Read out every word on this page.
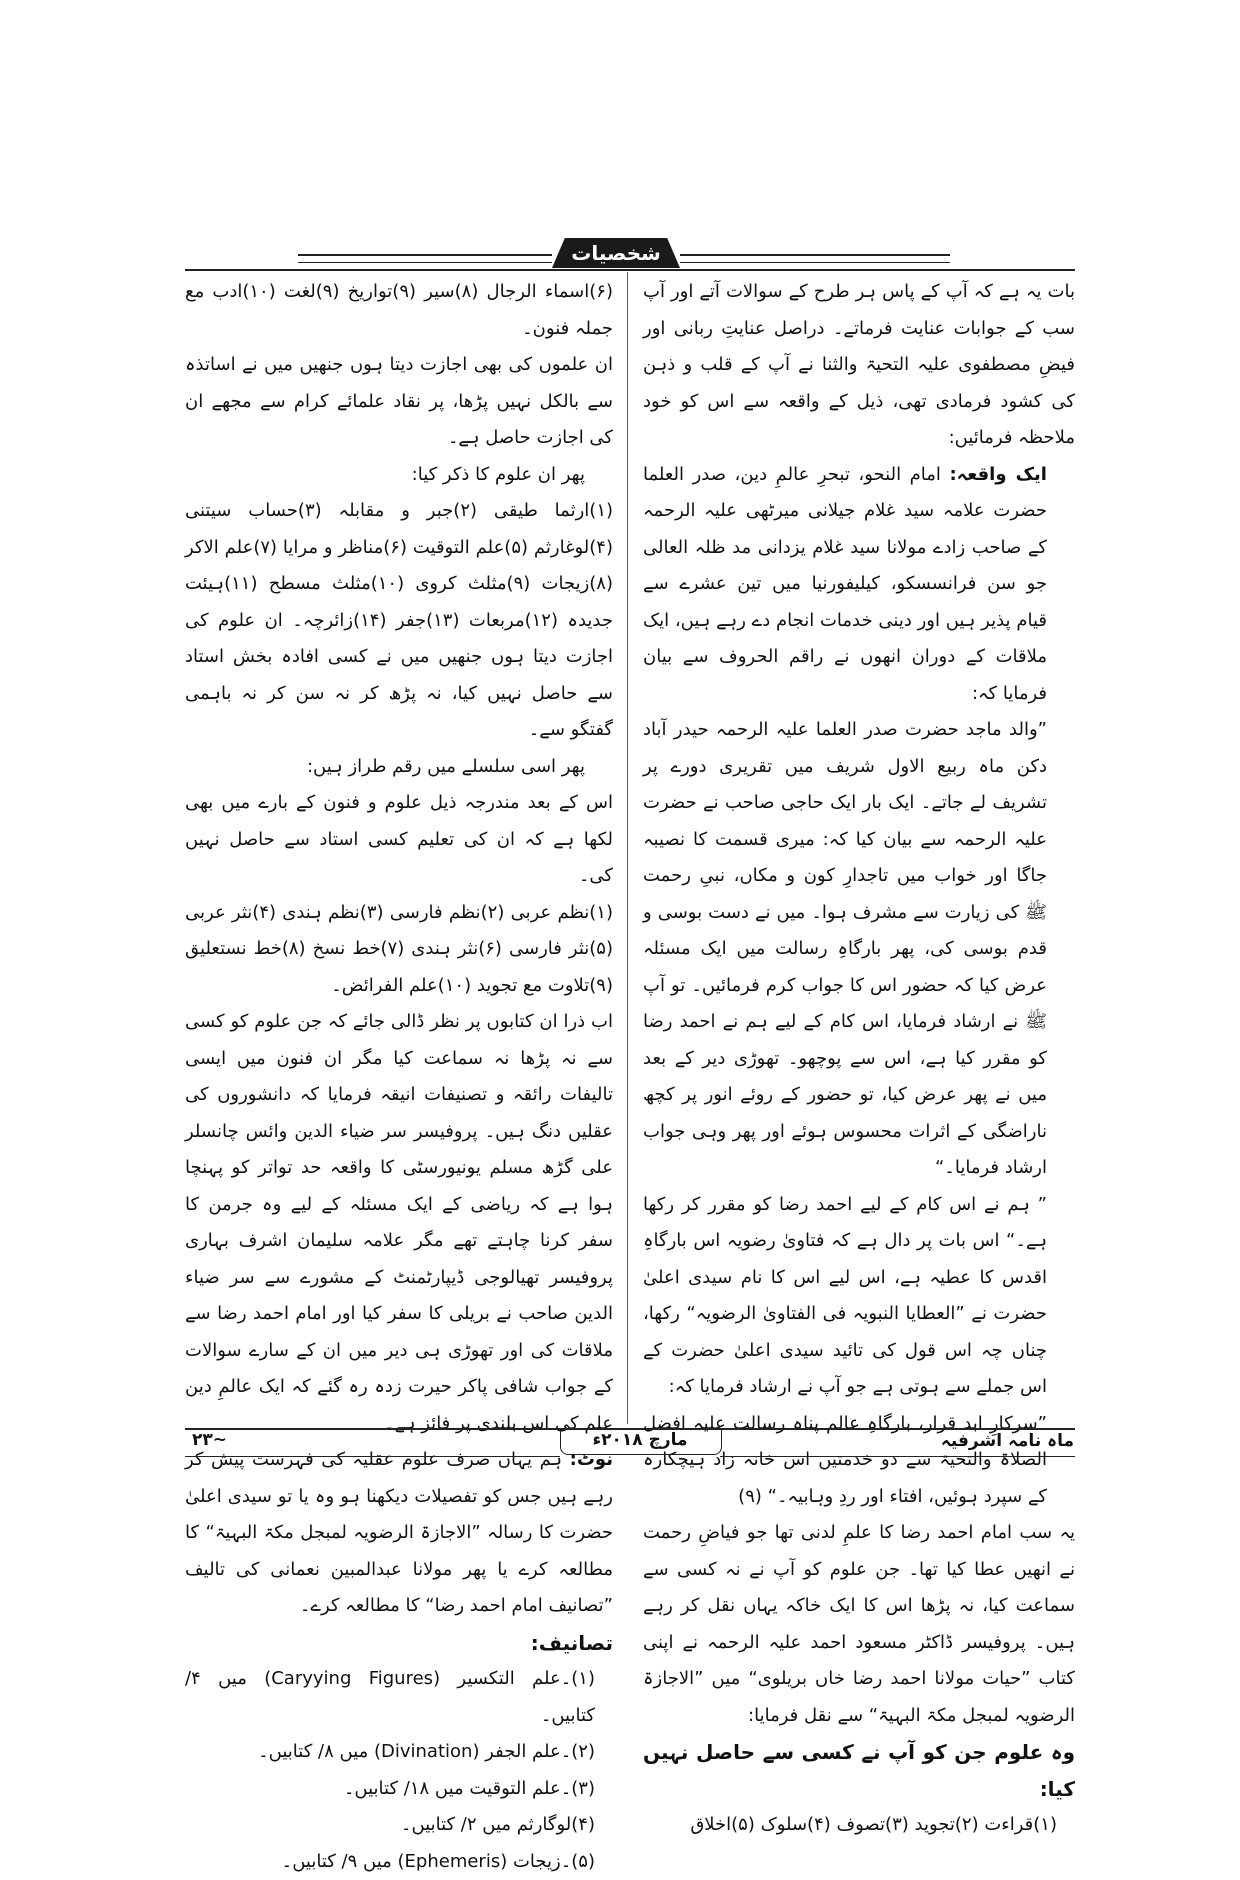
شخصیات

بات یہ ہے کہ آپ کے پاس ہر طرح کے سوالات آتے اور آپ سب کے جوابات عنایت فرماتے۔ دراصل عنایتِ ربانی اور فیضِ مصطفوی علیہ التحیۃ والثنا نے آپ کے قلب و ذہن کی کشود فرمادی تھی، ذیل کے واقعہ سے اس کو خود ملاحظہ فرمائیں:

ایک واقعہ: امام النحو، تبحرِ عالمِ دین، صدر العلما حضرت علامہ سید غلام جیلانی میرٹھی علیہ الرحمہ کے صاحب زادے مولانا سید غلام یزدانی مد ظلہ العالی جو سن فرانسسکو، کیلیفورنیا میں تین عشرے سے قیام پذیر ہیں اور دینی خدمات انجام دے رہے ہیں، ایک ملاقات کے دوران انھوں نے راقم الحروف سے بیان فرمایا کہ:

”والد ماجد حضرت صدر العلما علیہ الرحمہ حیدر آباد دکن ماہ ربیع الاول شریف میں تقریری دورے پر تشریف لے جاتے۔ ایک بار ایک حاجی صاحب نے حضرت علیہ الرحمہ سے بیان کیا کہ: میری قسمت کا نصیبہ جاگا اور خواب میں تاجدارِ کون و مکاں، نبیِ رحمت ﷺ کی زیارت سے مشرف ہوا۔ میں نے دست بوسی و قدم بوسی کی، پھر بارگاہِ رسالت میں ایک مسئلہ عرض کیا کہ حضور اس کا جواب کرم فرمائیں۔ تو آپ ﷺ نے ارشاد فرمایا، اس کام کے لیے ہم نے احمد رضا کو مقرر کیا ہے، اس سے پوچھو۔ تھوڑی دیر کے بعد میں نے پھر عرض کیا، تو حضور کے روئے انور پر کچھ ناراضگی کے اثرات محسوس ہوئے اور پھر وہی جواب ارشاد فرمایا۔“

” ہم نے اس کام کے لیے احمد رضا کو مقرر کر رکھا ہے۔“ اس بات پر دال ہے کہ فتاویٰ رضویہ اس بارگاہِ اقدس کا عطیہ ہے، اس لیے اس کا نام سیدی اعلیٰ حضرت نے ”العطایا النبویہ فی الفتاویٰ الرضویہ“ رکھا، چناں چہ اس قول کی تائید سیدی اعلیٰ حضرت کے اس جملے سے ہوتی ہے جو آپ نے ارشاد فرمایا کہ:

”سرکارِ ابد قرار، بارگاہِ عالم پناہ رسالت علیہ افضل الصلاۃ والتحیۃ سے دو خدمتیں اس خانہ زاد ہیچکارہ کے سپرد ہوئیں، افتاء اور ردِ وہابیہ۔“ (۹)

یہ سب امام احمد رضا کا علمِ لدنی تھا جو فیاضِ رحمت نے انھیں عطا کیا تھا۔ جن علوم کو آپ نے نہ کسی سے سماعت کیا، نہ پڑھا اس کا ایک خاکہ یہاں نقل کر رہے ہیں۔ پروفیسر ڈاکٹر مسعود احمد علیہ الرحمہ نے اپنی کتاب ”حیات مولانا احمد رضا خاں بریلوی“ میں ”الاجازۃ الرضویہ لمبجل مکۃ البہیۃ“ سے نقل فرمایا:

وہ علوم جن کو آپ نے کسی سے حاصل نہیں کیا:

(۱)قراءت (۲)تجوید (۳)تصوف (۴)سلوک (۵)اخلاق

(۶)اسماء الرجال (۸)سیر (۹)تواریخ (۹)لغت (۱۰)ادب مع جملہ فنون۔

ان علموں کی بھی اجازت دیتا ہوں جنھیں میں نے اساتذہ سے بالکل نہیں پڑھا، پر نقاد علمائے کرام سے مجھے ان کی اجازت حاصل ہے۔

پھر ان علوم کا ذکر کیا:

(۱)ارثما طیقی (۲)جبر و مقابلہ (۳)حساب سیتنی (۴)لوغارثم (۵)علم التوقیت (۶)مناظر و مرایا (۷)علم الاکر (۸)زیجات (۹)مثلث کروی (۱۰)مثلث مسطح (۱۱)ہیئت جدیدہ (۱۲)مربعات (۱۳)جفر (۱۴)زائرچہ۔ ان علوم کی اجازت دیتا ہوں جنھیں میں نے کسی افادہ بخش استاد سے حاصل نہیں کیا، نہ پڑھ کر نہ سن کر نہ باہمی گفتگو سے۔

پھر اسی سلسلے میں رقم طراز ہیں:

اس کے بعد مندرجہ ذیل علوم و فنون کے بارے میں بھی لکھا ہے کہ ان کی تعلیم کسی استاد سے حاصل نہیں کی۔

(۱)نظم عربی (۲)نظم فارسی (۳)نظم ہندی (۴)نثر عربی (۵)نثر فارسی (۶)نثر ہندی (۷)خط نسخ (۸)خط نستعلیق (۹)تلاوت مع تجوید (۱۰)علم الفرائض۔

اب ذرا ان کتابوں پر نظر ڈالی جائے کہ جن علوم کو کسی سے نہ پڑھا نہ سماعت کیا مگر ان فنون میں ایسی تالیفات رائقہ و تصنیفات انیقہ فرمایا کہ دانشوروں کی عقلیں دنگ ہیں۔ پروفیسر سر ضیاء الدین وائس چانسلر علی گڑھ مسلم یونیورسٹی کا واقعہ حد تواتر کو پہنچا ہوا ہے کہ ریاضی کے ایک مسئلہ کے لیے وہ جرمن کا سفر کرنا چاہتے تھے مگر علامہ سلیمان اشرف بہاری پروفیسر تھیالوجی ڈیپارٹمنٹ کے مشورے سے سر ضیاء الدین صاحب نے بریلی کا سفر کیا اور امام احمد رضا سے ملاقات کی اور تھوڑی ہی دیر میں ان کے سارے سوالات کے جواب شافی پاکر حیرت زدہ رہ گئے کہ ایک عالمِ دین علم کی اس بلندی پر فائز ہے۔

نوٹ: ہم یہاں صرف علوم عقلیہ کی فہرست پیش کر رہے ہیں جس کو تفصیلات دیکھنا ہو وہ یا تو سیدی اعلیٰ حضرت کا رسالہ ”الاجازۃ الرضویہ لمبجل مکۃ البہیۃ“ کا مطالعہ کرے یا پھر مولانا عبدالمبین نعمانی کی تالیف ”تصانیف امام احمد رضا“ کا مطالعہ کرے۔

تصانیف:

(۱)۔علم التکسیر (Caryying Figures) میں ۴/ کتابیں۔

(۲)۔علم الجفر (Divination) میں ۸/ کتابیں۔

(۳)۔علم التوقیت میں ۱۸/ کتابیں۔

(۴)لوگارثم میں ۲/ کتابیں۔

(۵)۔زیجات (Ephemeris) میں ۹/ کتابیں۔

~۲۳	مارچ ۲۰۱۸ء	ماہ نامہ اشرفیہ
